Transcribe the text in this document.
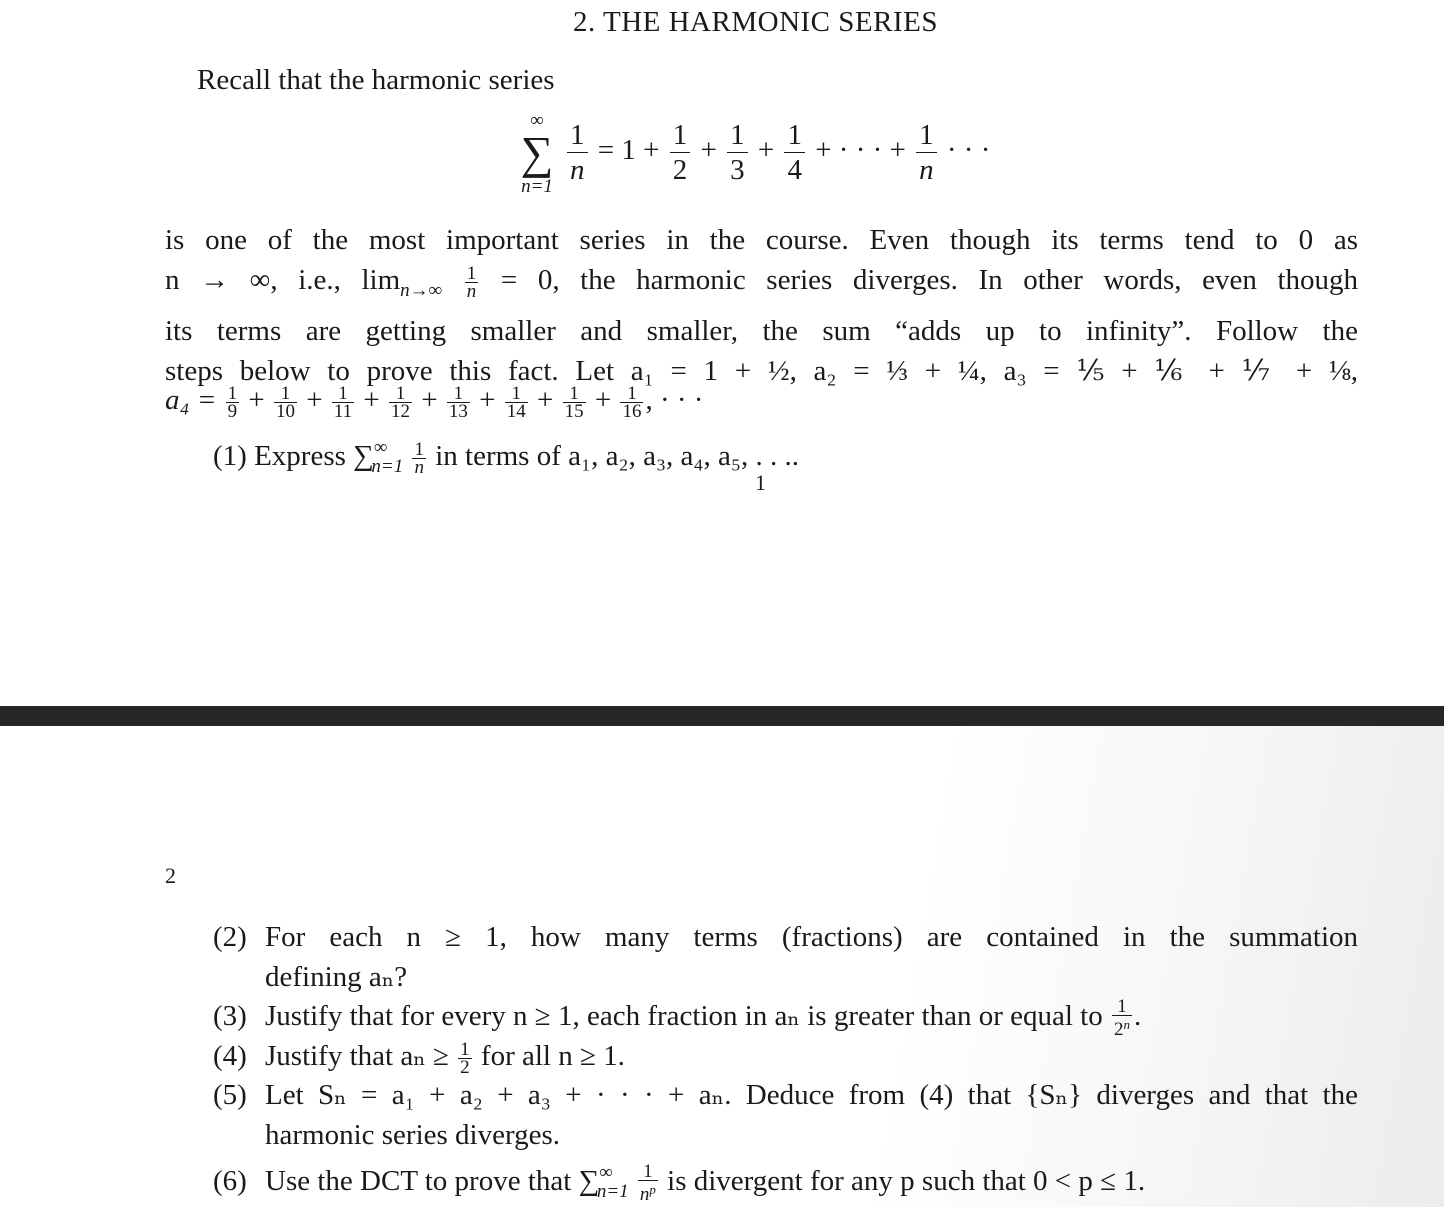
2. THE HARMONIC SERIES
Recall that the harmonic series
∞
∑
$n=1 \frac{1}{n} = 1 + \frac{1}{2} + \frac{1}{3} + \frac{1}{4}$ + · · · + $\frac{1}{n}$ · · ·
is one of the most important series in the course. Even though its terms tend to 0 as
n → ∞, i.e., $\lim_{n\to\infty} \frac{1}{n} = 0$, the harmonic series diverges. In other words, even though
its terms are getting smaller and smaller, the sum “adds up to infinity”. Follow the
steps below to prove this fact. Let a₁ = 1 + ½, a₂ = ⅓ + ¼, a₃ = ⅕ + ⅙ + ⅐ + ⅛,
$a_4 = \frac{1}{9} + \frac{1}{10} + \frac{1}{11} + \frac{1}{12} + \frac{1}{13} + \frac{1}{14} + \frac{1}{15} + \frac{1}{16}$ , · · ·
(1) Express $\sum^\infty_{n=1} \frac{1}{n}$ in terms of a₁, a₂, a₃, a₄, a₅, . . ..
1
2
(2) For each n ≥ 1, how many terms (fractions) are contained in the summation
defining aₙ?
(3) Justify that for every n ≥ 1, each fraction in aₙ is greater than or equal to $\frac{1}{2^n}$ .
(4) Justify that $a_n \ge \frac{1}{2}$ for all n ≥ 1.
(5) Let Sₙ = a₁ + a₂ + a₃ + · · · + aₙ. Deduce from (4) that {Sₙ} diverges and that the
harmonic series diverges.
(6) Use the DCT to prove that $\sum^\infty_{n=1} \frac{1}{n^p}$ is divergent for any p such that 0 < p ≤ 1.
